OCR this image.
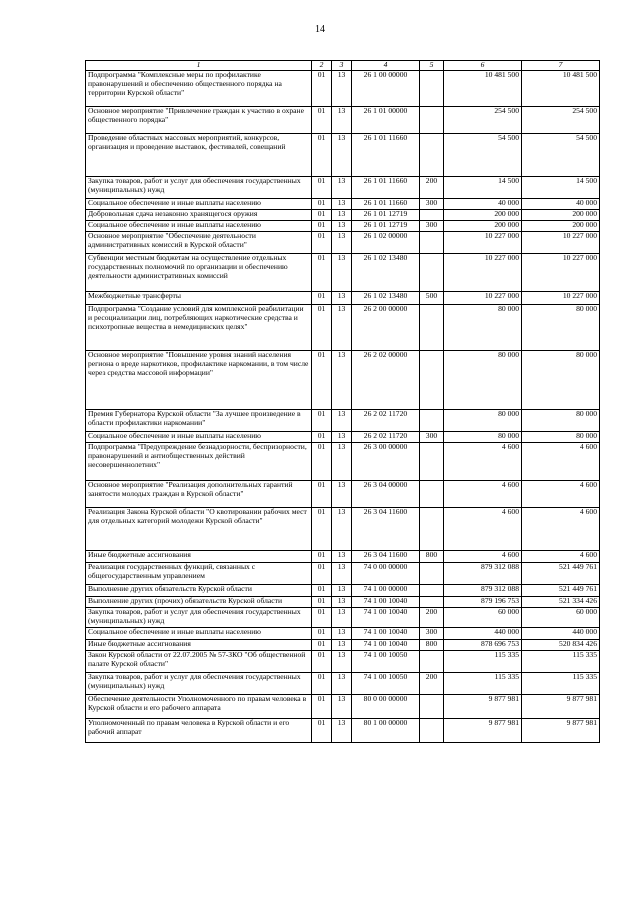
14
1	2	3	4	5	6	7
Подпрограмма "Комплексные меры по профилактике правонарушений и обеспечению общественного порядка на территории Курской области"	01	13	26 1 00 00000		10 481 500	10 481 500
Основное мероприятие "Привлечение граждан к участию в охране общественного порядка"	01	13	26 1 01 00000		254 500	254 500
Проведение областных массовых мероприятий, конкурсов, организация и проведение выставок, фестивалей, совещаний	01	13	26 1 01 11660		54 500	54 500
Закупка товаров, работ и услуг для обеспечения государственных (муниципальных) нужд	01	13	26 1 01 11660	200	14 500	14 500
Социальное обеспечение и иные выплаты населению	01	13	26 1 01 11660	300	40 000	40 000
Добровольная сдача незаконно хранящегося оружия	01	13	26 1 01 12719		200 000	200 000
Социальное обеспечение и иные выплаты населению	01	13	26 1 01 12719	300	200 000	200 000
Основное мероприятие "Обеспечение деятельности административных комиссий в Курской области"	01	13	26 1 02 00000		10 227 000	10 227 000
Субвенции местным бюджетам на осуществление отдельных государственных полномочий по организации и обеспечению деятельности административных комиссий	01	13	26 1 02 13480		10 227 000	10 227 000
Межбюджетные трансферты	01	13	26 1 02 13480	500	10 227 000	10 227 000
Подпрограмма "Создание условий для комплексной реабилитации и ресоциализации лиц, потребляющих наркотические средства и психотропные вещества в немедицинских целях"	01	13	26 2 00 00000		80 000	80 000
Основное мероприятие "Повышение уровня знаний населения региона о вреде наркотиков, профилактике наркомании, в том числе через средства массовой информации"	01	13	26 2 02 00000		80 000	80 000
Премия Губернатора Курской области "За лучшее произведение в области профилактики наркомании"	01	13	26 2 02 11720		80 000	80 000
Социальное обеспечение и иные выплаты населению	01	13	26 2 02 11720	300	80 000	80 000
Подпрограмма "Предупреждение безнадзорности, беспризорности, правонарушений и антиобщественных действий несовершеннолетних"	01	13	26 3 00 00000		4 600	4 600
Основное мероприятие "Реализация дополнительных гарантий занятости молодых граждан в Курской области"	01	13	26 3 04 00000		4 600	4 600
Реализация Закона Курской области "О квотировании рабочих мест для отдельных категорий молодежи Курской области"	01	13	26 3 04 11600		4 600	4 600
Иные бюджетные ассигнования	01	13	26 3 04 11600	800	4 600	4 600
Реализация государственных функций, связанных с общегосударственным управлением	01	13	74 0 00 00000		879 312 088	521 449 761
Выполнение других обязательств Курской области	01	13	74 1 00 00000		879 312 088	521 449 761
Выполнение других (прочих) обязательств Курской области	01	13	74 1 00 10040		879 196 753	521 334 426
Закупка товаров, работ и услуг для обеспечения государственных (муниципальных) нужд	01	13	74 1 00 10040	200	60 000	60 000
Социальное обеспечение и иные выплаты населению	01	13	74 1 00 10040	300	440 000	440 000
Иные бюджетные ассигнования	01	13	74 1 00 10040	800	878 696 753	520 834 426
Закон Курской области от 22.07.2005 № 57-ЗКО "Об общественной палате Курской области"	01	13	74 1 00 10050		115 335	115 335
Закупка товаров, работ и услуг для обеспечения государственных (муниципальных) нужд	01	13	74 1 00 10050	200	115 335	115 335
Обеспечение деятельности Уполномоченного по правам человека в Курской области и его рабочего аппарата	01	13	80 0 00 00000		9 877 981	9 877 981
Уполномоченный по правам человека в Курской области и его рабочий аппарат	01	13	80 1 00 00000		9 877 981	9 877 981
